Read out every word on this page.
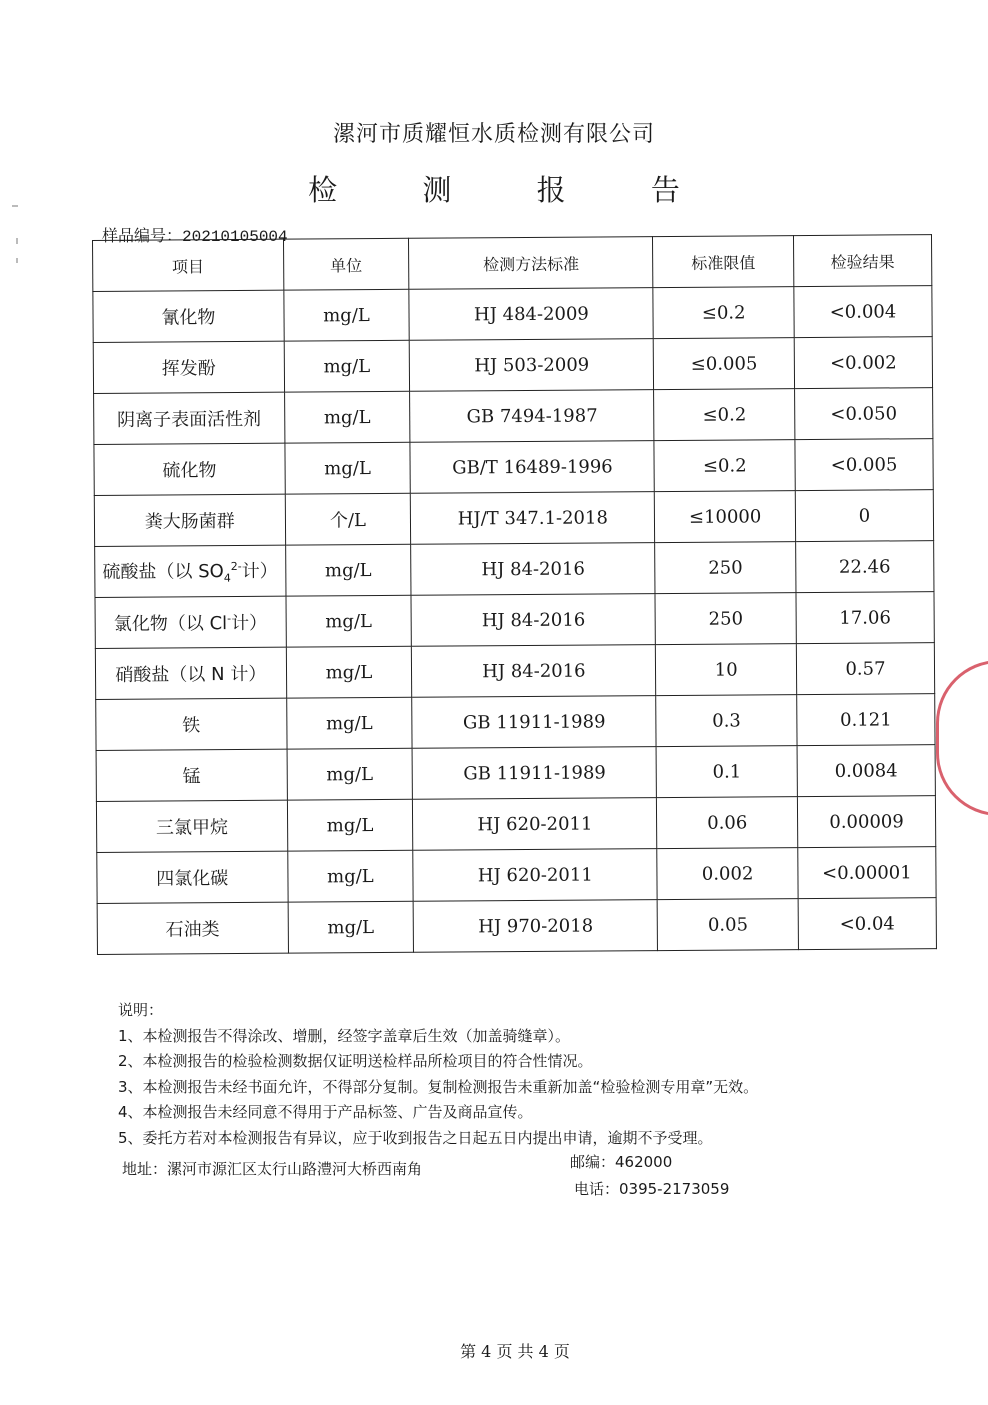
漯河市质耀恒水质检测有限公司
检 测 报 告
样品编号：20210105004
项目	单位	检测方法标准	标准限值	检验结果
氰化物	mg/L	HJ 484-2009	≤0.2	<0.004
挥发酚	mg/L	HJ 503-2009	≤0.005	<0.002
阴离子表面活性剂	mg/L	GB 7494-1987	≤0.2	<0.050
硫化物	mg/L	GB/T 16489-1996	≤0.2	<0.005
粪大肠菌群	个/L	HJ/T 347.1-2018	≤10000	0
硫酸盐（以 $SO_4^{2-}$计）	mg/L	HJ 84-2016	250	22.46
氯化物（以 Cl-计）	mg/L	HJ 84-2016	250	17.06
硝酸盐（以 N 计）	mg/L	HJ 84-2016	10	0.57
铁	mg/L	GB 11911-1989	0.3	0.121
锰	mg/L	GB 11911-1989	0.1	0.0084
三氯甲烷	mg/L	HJ 620-2011	0.06	0.00009
四氯化碳	mg/L	HJ 620-2011	0.002	<0.00001
石油类	mg/L	HJ 970-2018	0.05	<0.04

说明：

1、本检测报告不得涂改、增删，经签字盖章后生效（加盖骑缝章）。

2、本检测报告的检验检测数据仅证明送检样品所检项目的符合性情况。

3、本检测报告未经书面允许，不得部分复制。复制检测报告未重新加盖“检验检测专用章”无效。

4、本检测报告未经同意不得用于产品标签、广告及商品宣传。

5、委托方若对本检测报告有异议，应于收到报告之日起五日内提出申请，逾期不予受理。

地址：漯河市源汇区太行山路澧河大桥西南角	邮编：462000
电话：0395-2173059
第 4 页 共 4 页
